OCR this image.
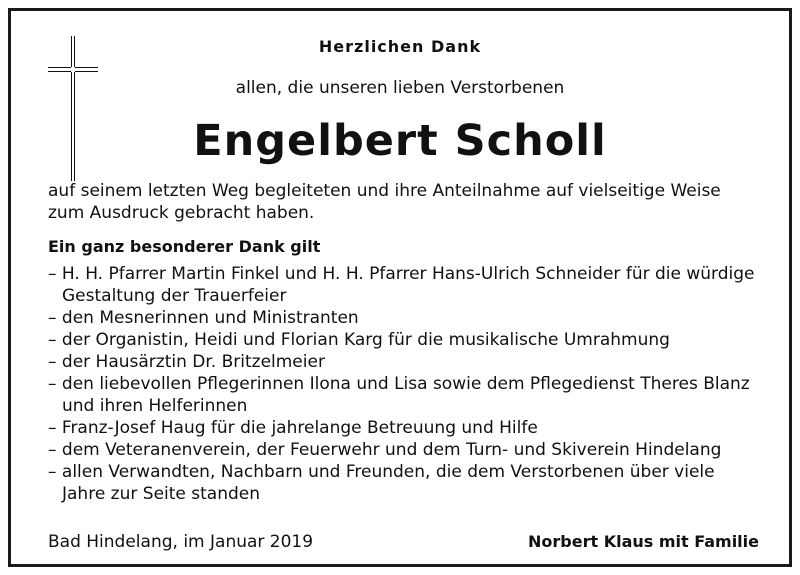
Herzlichen Dank
allen, die unseren lieben Verstorbenen
Engelbert Scholl
auf seinem letzten Weg begleiteten und ihre Anteilnahme auf vielseitige Weise zum Ausdruck gebracht haben.
Ein ganz besonderer Dank gilt
– H. H. Pfarrer Martin Finkel und H. H. Pfarrer Hans-Ulrich Schneider für die würdige Gestaltung der Trauerfeier
– den Mesnerinnen und Ministranten
– der Organistin, Heidi und Florian Karg für die musikalische Umrahmung
– der Hausärztin Dr. Britzelmeier
– den liebevollen Pflegerinnen Ilona und Lisa sowie dem Pflegedienst Theres Blanz und ihren Helferinnen
– Franz-Josef Haug für die jahrelange Betreuung und Hilfe
– dem Veteranenverein, der Feuerwehr und dem Turn- und Skiverein Hindelang
– allen Verwandten, Nachbarn und Freunden, die dem Verstorbenen über viele Jahre zur Seite standen
Bad Hindelang, im Januar 2019	Norbert Klaus mit Familie
